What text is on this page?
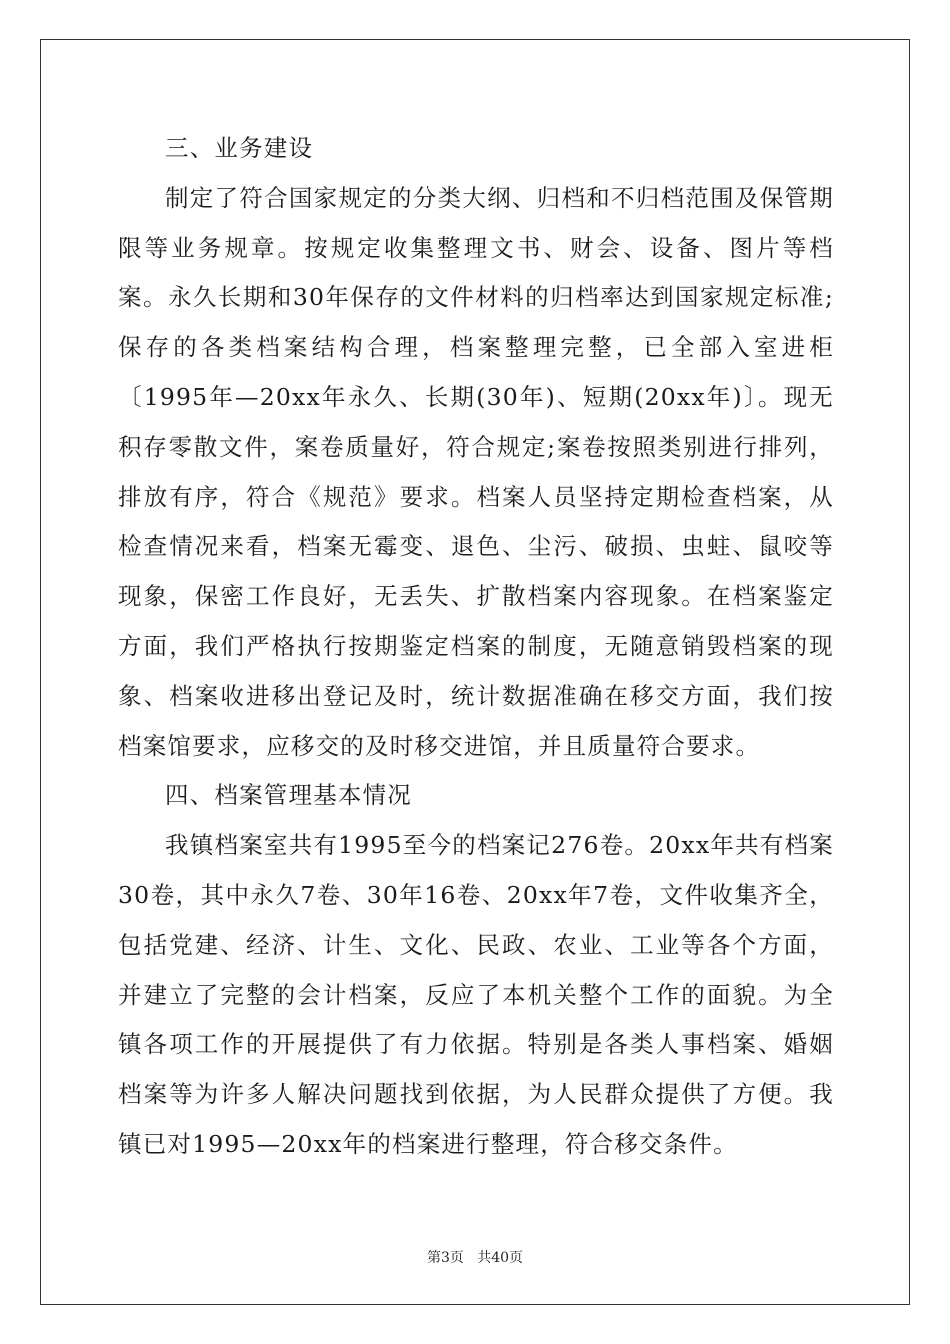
三、业务建设

制定了符合国家规定的分类大纲、归档和不归档范围及保管期限等业务规章。按规定收集整理文书、财会、设备、图片等档案。永久长期和30年保存的文件材料的归档率达到国家规定标准;保存的各类档案结构合理，档案整理完整，已全部入室进柜〔1995年—20xx年永久、长期(30年)、短期(20xx年)〕。现无积存零散文件，案卷质量好，符合规定;案卷按照类别进行排列，排放有序，符合《规范》要求。档案人员坚持定期检查档案，从检查情况来看，档案无霉变、退色、尘污、破损、虫蛀、鼠咬等现象，保密工作良好，无丢失、扩散档案内容现象。在档案鉴定方面，我们严格执行按期鉴定档案的制度，无随意销毁档案的现象、档案收进移出登记及时，统计数据准确在移交方面，我们按档案馆要求，应移交的及时移交进馆，并且质量符合要求。

四、档案管理基本情况

我镇档案室共有1995至今的档案记276卷。20xx年共有档案30卷，其中永久7卷、30年16卷、20xx年7卷，文件收集齐全，包括党建、经济、计生、文化、民政、农业、工业等各个方面，并建立了完整的会计档案，反应了本机关整个工作的面貌。为全镇各项工作的开展提供了有力依据。特别是各类人事档案、婚姻档案等为许多人解决问题找到依据，为人民群众提供了方便。我镇已对1995—20xx年的档案进行整理，符合移交条件。

第3页   共40页
